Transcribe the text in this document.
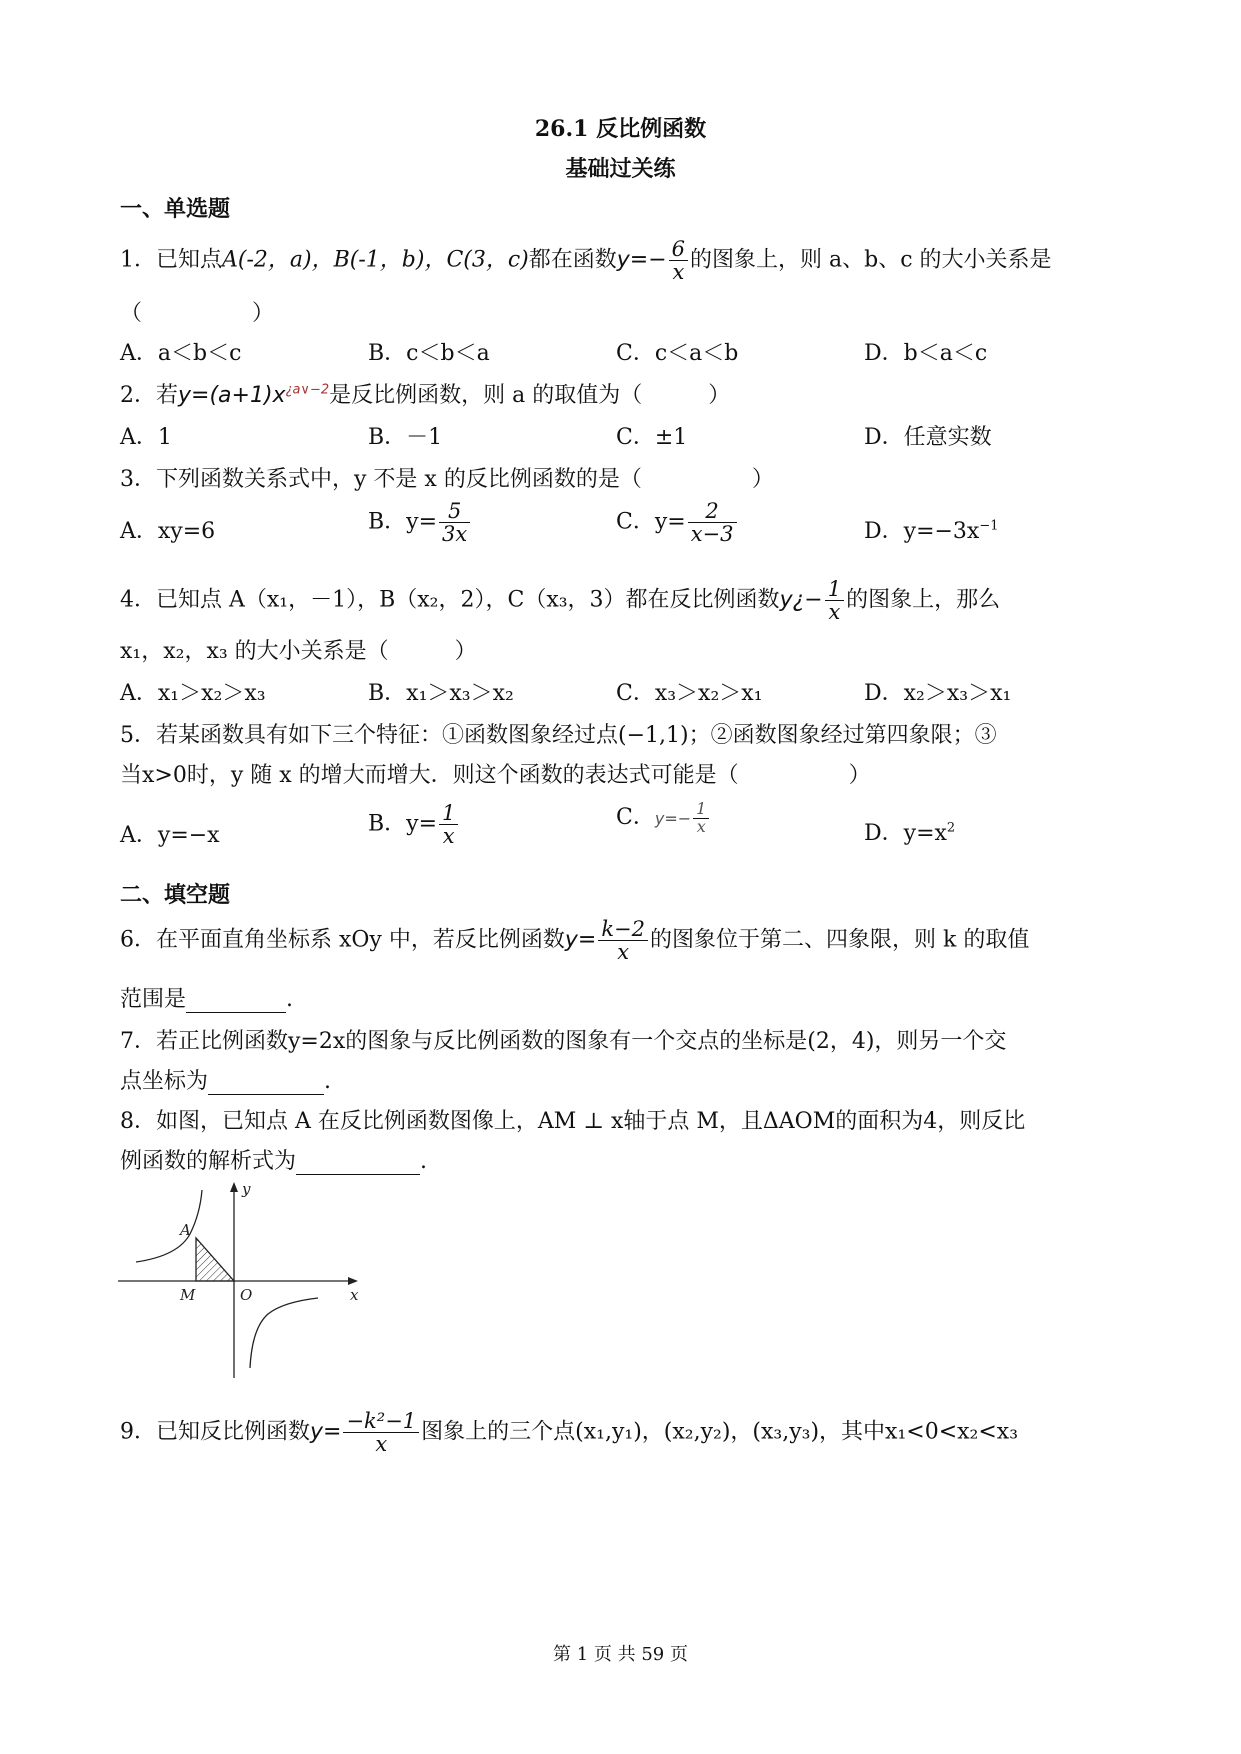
26.1 反比例函数
基础过关练
一、单选题
1．已知点A(-2，a)，B(-1，b)，C(3，c)都在函数$y=- \frac{6}{x}$ 的图象上，则 a、b、c 的大小关系是
（　　　　　）
A．a＜b＜c	B．c＜b＜a	C．c＜a＜b	D．b＜a＜c
2．若$y=(a+1)x^{¿a\vee-2}$是反比例函数，则 a 的取值为（　　　）
A．1	B．－1	C．±1	D．任意实数
3．下列函数关系式中，y 不是 x 的反比例函数的是（　　　　　）
A．xy=6	B．$y= \frac{5}{3x}$	C．$y= \frac{2}{x-3}$	D．$y=-3x^{-1}$
4．已知点 A（x₁，－1），B（x₂，2），C（x₃，3）都在反比例函数y¿− $\frac{1}{x}$ 的图象上，那么
x₁，x₂，x₃ 的大小关系是（　　　）
A．x₁＞x₂＞x₃	B．x₁＞x₃＞x₂	C．x₃＞x₂＞x₁	D．x₂＞x₃＞x₁
5．若某函数具有如下三个特征：①函数图象经过点(−1,1)；②函数图象经过第四象限；③
当x>0时，y 随 x 的增大而增大．则这个函数的表达式可能是（　　　　　）
A．y=−x	B．$y= \frac{1}{x}$	C．$y=- \frac{1}{x}$	D．$y=x^2$
二、填空题
6．在平面直角坐标系 xOy 中，若反比例函数$y= \frac{k-2}{x}$ 的图象位于第二、四象限，则 k 的取值
范围是	.
7．若正比例函数y=2x的图象与反比例函数的图象有一个交点的坐标是(2，4)，则另一个交
点坐标为	.
8．如图，已知点 A 在反比例函数图像上，AM ⊥ x轴于点 M，且ΔAOM的面积为4，则反比
例函数的解析式为	.
A
M	O	x
y
9．已知反比例函数$y= \frac{\text{−k²−1}}{x}$ 图象上的三个点(x₁,y₁)，(x₂,y₂)，(x₃,y₃)，其中x₁<0<x₂<x₃
第 1 页 共 59 页
